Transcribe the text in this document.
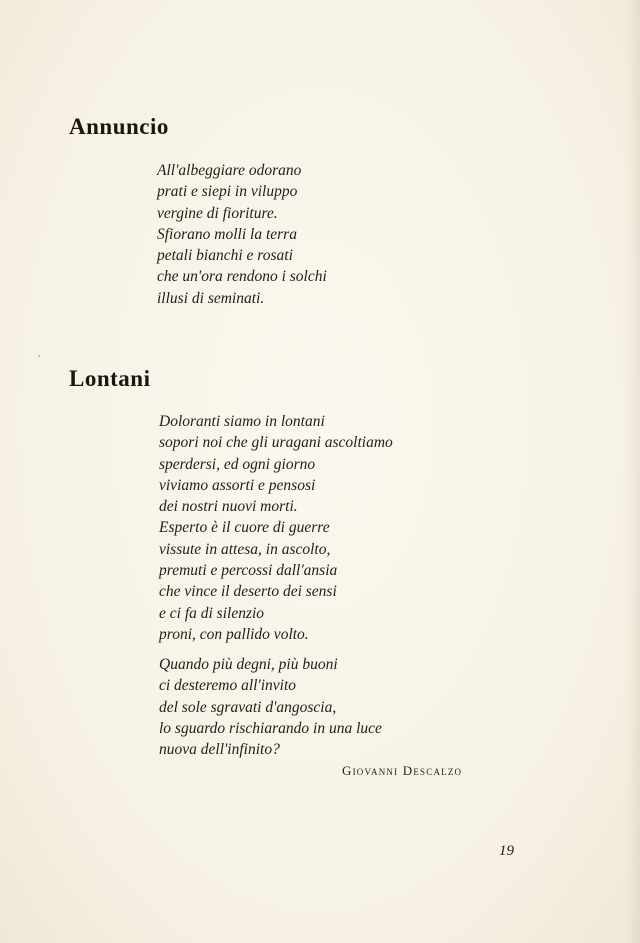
Annuncio
All'albeggiare odorano
prati e siepi in viluppo
vergine di fioriture.
Sfiorano molli la terra
petali bianchi e rosati
che un'ora rendono i solchi
illusi di seminati.
Lontani
Doloranti siamo in lontani
sopori noi che gli uragani ascoltiamo
sperdersi, ed ogni giorno
viviamo assorti e pensosi
dei nostri nuovi morti.
Esperto è il cuore di guerre
vissute in attesa, in ascolto,
premuti e percossi dall'ansia
che vince il deserto dei sensi
e ci fa di silenzio
proni, con pallido volto.
Quando più degni, più buoni
ci desteremo all'invito
del sole sgravati d'angoscia,
lo sguardo rischiarando in una luce
nuova dell'infinito?
Giovanni Descalzo
19
